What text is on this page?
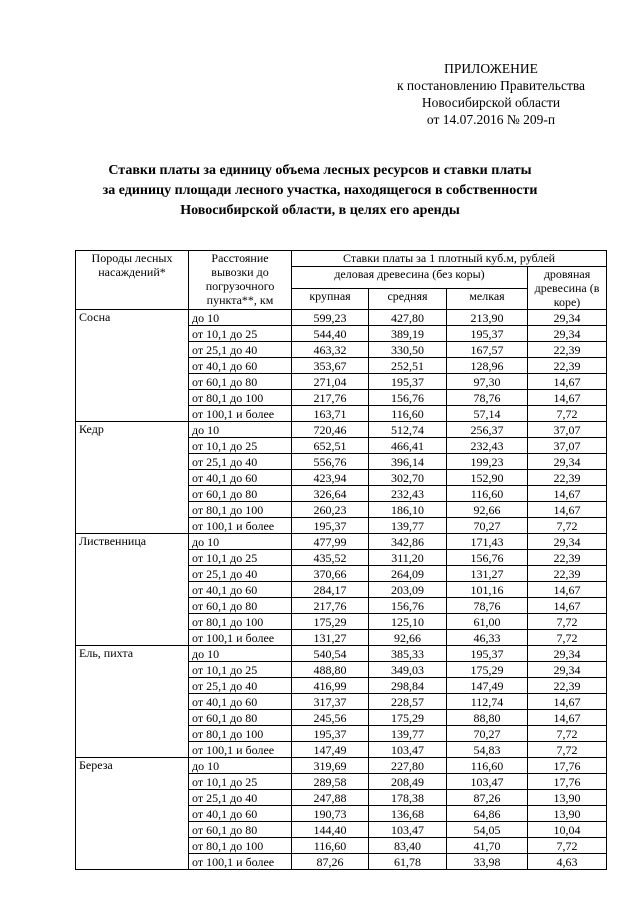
ПРИЛОЖЕНИЕ
к постановлению Правительства
Новосибирской области
от 14.07.2016 № 209-п
Ставки платы за единицу объема лесных ресурсов и ставки платы
за единицу площади лесного участка, находящегося в собственности
Новосибирской области, в целях его аренды
Породы лесных насаждений*	Расстояние вывозки до погрузочного пункта**, км	Ставки платы за 1 плотный куб.м, рублей			
		деловая древесина (без коры)			дровяная древесина (в коре)
		крупная	средняя	мелкая	
Сосна	до 10	599,23	427,80	213,90	29,34
	от 10,1 до 25	544,40	389,19	195,37	29,34
	от 25,1 до 40	463,32	330,50	167,57	22,39
	от 40,1 до 60	353,67	252,51	128,96	22,39
	от 60,1 до 80	271,04	195,37	97,30	14,67
	от 80,1 до 100	217,76	156,76	78,76	14,67
	от 100,1 и более	163,71	116,60	57,14	7,72
Кедр	до 10	720,46	512,74	256,37	37,07
	от 10,1 до 25	652,51	466,41	232,43	37,07
	от 25,1 до 40	556,76	396,14	199,23	29,34
	от 40,1 до 60	423,94	302,70	152,90	22,39
	от 60,1 до 80	326,64	232,43	116,60	14,67
	от 80,1 до 100	260,23	186,10	92,66	14,67
	от 100,1 и более	195,37	139,77	70,27	7,72
Лиственница	до 10	477,99	342,86	171,43	29,34
	от 10,1 до 25	435,52	311,20	156,76	22,39
	от 25,1 до 40	370,66	264,09	131,27	22,39
	от 40,1 до 60	284,17	203,09	101,16	14,67
	от 60,1 до 80	217,76	156,76	78,76	14,67
	от 80,1 до 100	175,29	125,10	61,00	7,72
	от 100,1 и более	131,27	92,66	46,33	7,72
Ель, пихта	до 10	540,54	385,33	195,37	29,34
	от 10,1 до 25	488,80	349,03	175,29	29,34
	от 25,1 до 40	416,99	298,84	147,49	22,39
	от 40,1 до 60	317,37	228,57	112,74	14,67
	от 60,1 до 80	245,56	175,29	88,80	14,67
	от 80,1 до 100	195,37	139,77	70,27	7,72
	от 100,1 и более	147,49	103,47	54,83	7,72
Береза	до 10	319,69	227,80	116,60	17,76
	от 10,1 до 25	289,58	208,49	103,47	17,76
	от 25,1 до 40	247,88	178,38	87,26	13,90
	от 40,1 до 60	190,73	136,68	64,86	13,90
	от 60,1 до 80	144,40	103,47	54,05	10,04
	от 80,1 до 100	116,60	83,40	41,70	7,72
	от 100,1 и более	87,26	61,78	33,98	4,63
